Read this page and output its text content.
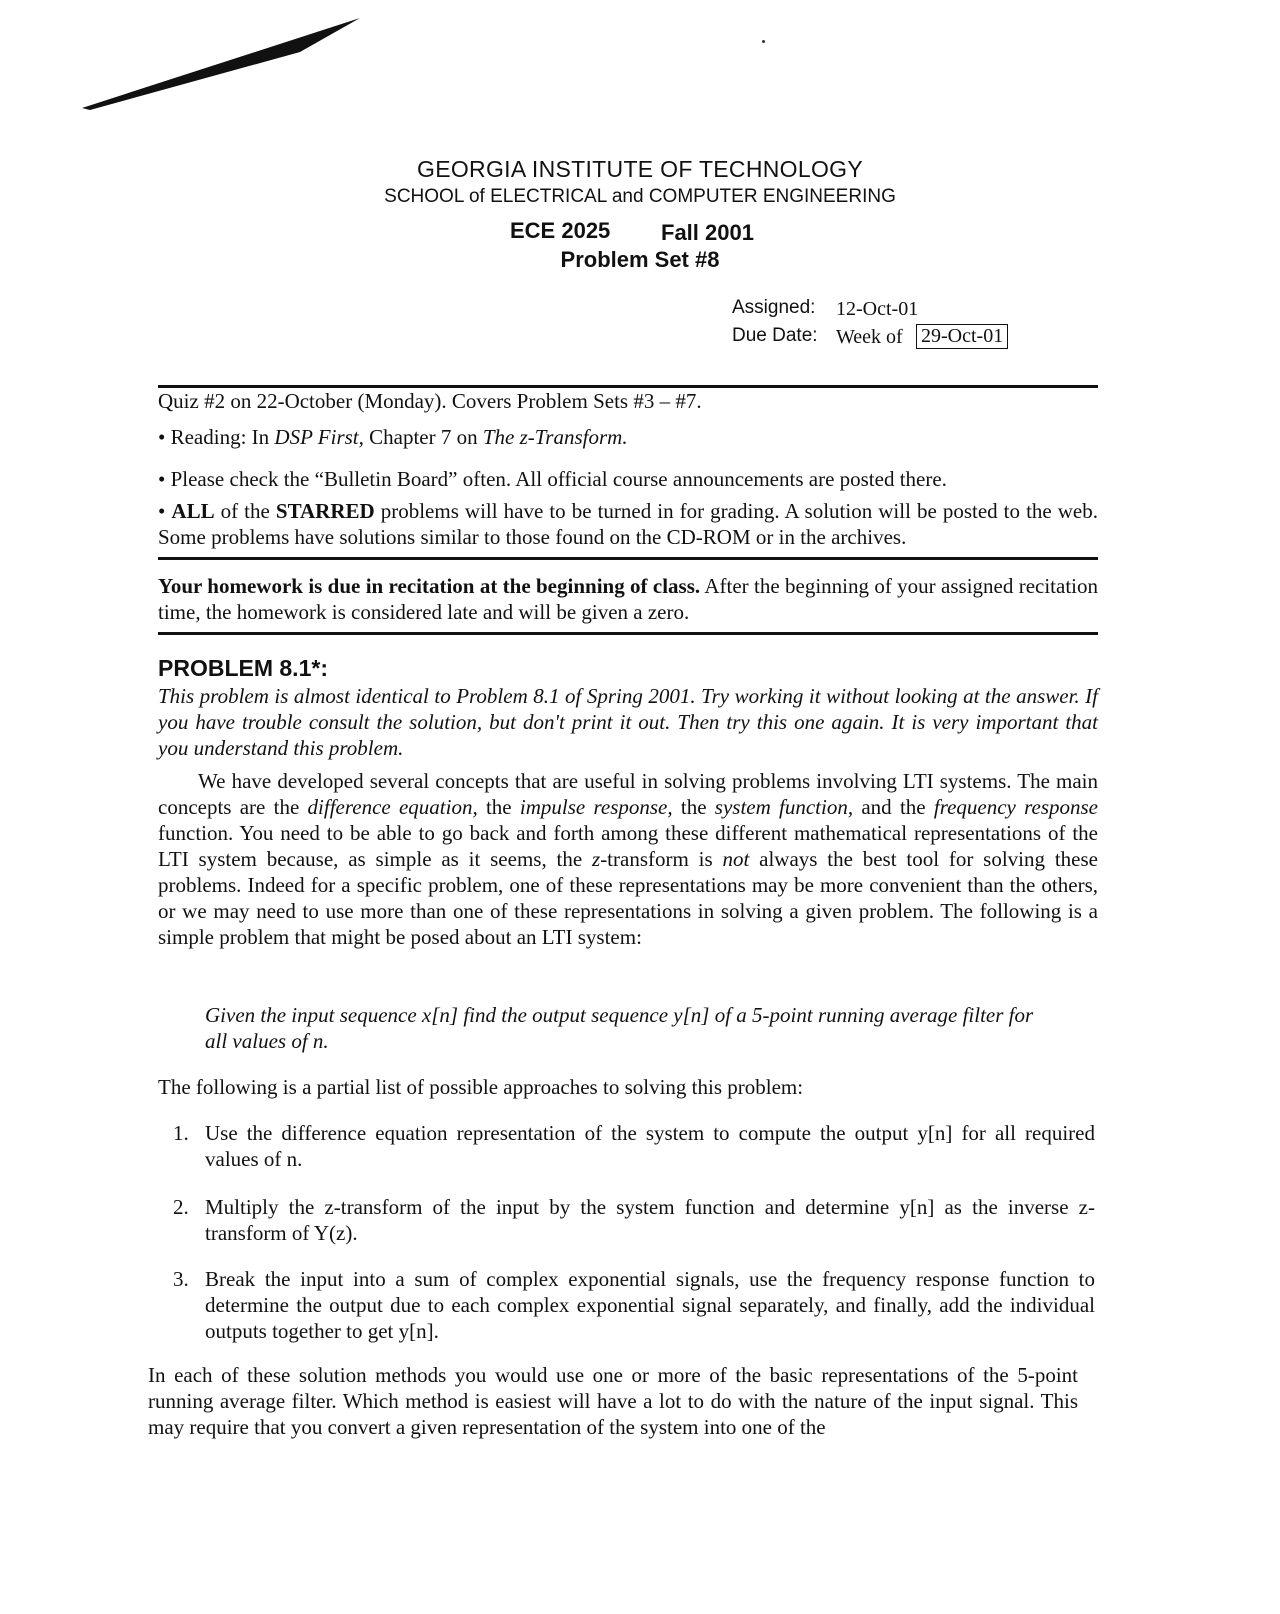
GEORGIA INSTITUTE OF TECHNOLOGY
SCHOOL of ELECTRICAL and COMPUTER ENGINEERING
ECE 2025 Fall 2001
Problem Set #8
Assigned: 12-Oct-01
Due Date: Week of 29-Oct-01
Quiz #2 on 22-October (Monday). Covers Problem Sets #3 – #7.
• Reading: In DSP First, Chapter 7 on The z-Transform.
• Please check the “Bulletin Board” often. All official course announcements are posted there.
• ALL of the STARRED problems will have to be turned in for grading. A solution will be posted to the web. Some problems have solutions similar to those found on the CD-ROM or in the archives.
Your homework is due in recitation at the beginning of class. After the beginning of your assigned recitation time, the homework is considered late and will be given a zero.
PROBLEM 8.1*:
This problem is almost identical to Problem 8.1 of Spring 2001. Try working it without looking at the answer. If you have trouble consult the solution, but don't print it out. Then try this one again. It is very important that you understand this problem.
We have developed several concepts that are useful in solving problems involving LTI systems. The main concepts are the difference equation, the impulse response, the system function, and the frequency response function. You need to be able to go back and forth among these different mathematical representations of the LTI system because, as simple as it seems, the z-transform is not always the best tool for solving these problems. Indeed for a specific problem, one of these representations may be more convenient than the others, or we may need to use more than one of these representations in solving a given problem. The following is a simple problem that might be posed about an LTI system:
Given the input sequence x[n] find the output sequence y[n] of a 5-point running average filter for all values of n.
The following is a partial list of possible approaches to solving this problem:
1. Use the difference equation representation of the system to compute the output y[n] for all required values of n.
2. Multiply the z-transform of the input by the system function and determine y[n] as the inverse z-transform of Y(z).
3. Break the input into a sum of complex exponential signals, use the frequency response function to determine the output due to each complex exponential signal separately, and finally, add the individual outputs together to get y[n].
In each of these solution methods you would use one or more of the basic representations of the 5-point running average filter. Which method is easiest will have a lot to do with the nature of the input signal. This may require that you convert a given representation of the system into one of the
